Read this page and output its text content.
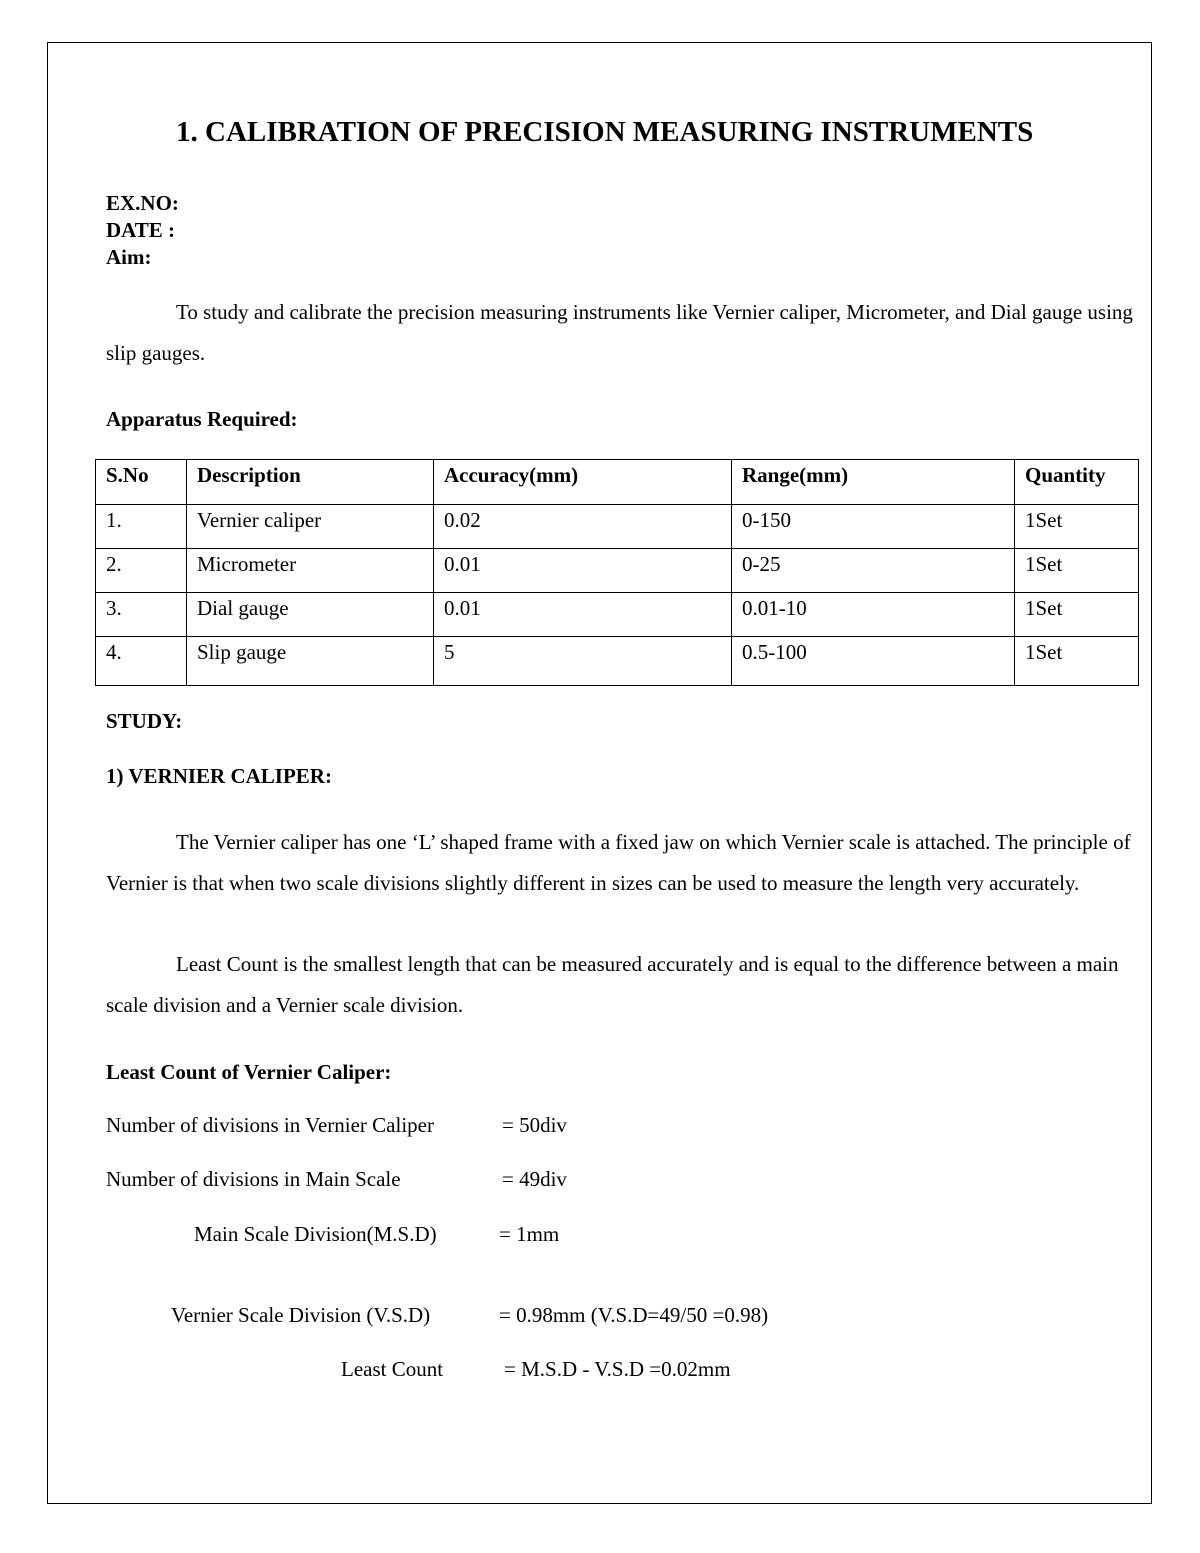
1. CALIBRATION OF PRECISION MEASURING INSTRUMENTS
EX.NO:
DATE :
Aim:
To study and calibrate the precision measuring instruments like Vernier caliper, Micrometer, and Dial gauge using slip gauges.
Apparatus Required:
S.No	Description	Accuracy(mm)	Range(mm)	Quantity
1.	Vernier caliper	0.02	0-150	1Set
2.	Micrometer	0.01	0-25	1Set
3.	Dial gauge	0.01	0.01-10	1Set
4.	Slip gauge	5	0.5-100	1Set
STUDY:
1) VERNIER CALIPER:
The Vernier caliper has one ‘L’ shaped frame with a fixed jaw on which Vernier scale is attached. The principle of Vernier is that when two scale divisions slightly different in sizes can be used to measure the length very accurately.
Least Count is the smallest length that can be measured accurately and is equal to the difference between a main scale division and a Vernier scale division.
Least Count of Vernier Caliper:
Number of divisions in Vernier Caliper	= 50div
Number of divisions in Main Scale	= 49div
Main Scale Division(M.S.D)	= 1mm
Vernier Scale Division (V.S.D)	= 0.98mm (V.S.D=49/50 =0.98)
Least Count	= M.S.D - V.S.D =0.02mm
